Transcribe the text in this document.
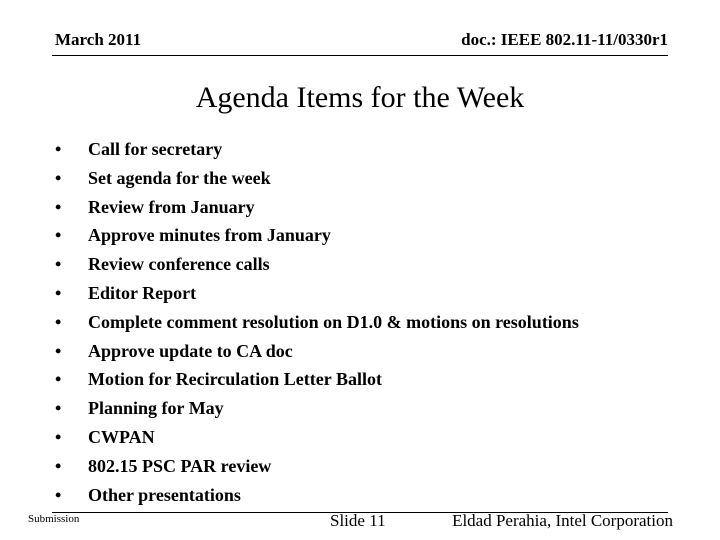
March 2011	doc.: IEEE 802.11-11/0330r1
Agenda Items for the Week
•	Call for secretary
•	Set agenda for the week
•	Review from January
•	Approve minutes from January
•	Review conference calls
•	Editor Report
•	Complete comment resolution on D1.0 & motions on resolutions
•	Approve update to CA doc
•	Motion for Recirculation Letter Ballot
•	Planning for May
•	CWPAN
•	802.15 PSC PAR review
•	Other presentations
Submission	Slide 11	Eldad Perahia, Intel Corporation
